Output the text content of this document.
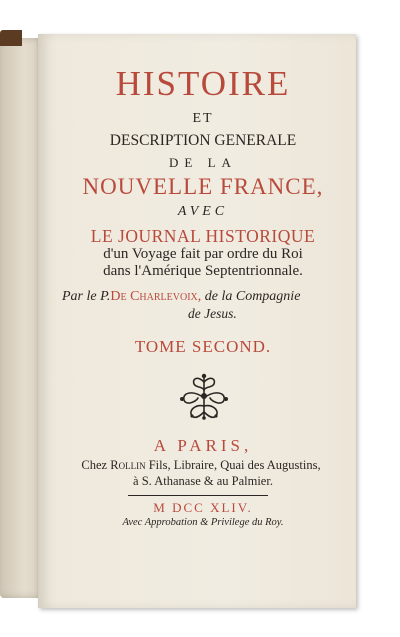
HISTOIRE
ET
DESCRIPTION GENERALE
DE LA
NOUVELLE FRANCE,
AVEC
LE JOURNAL HISTORIQUE
d'un Voyage fait par ordre du Roi
dans l'Amérique Septentrionnale.
Par le P.De Charlevoix, de la Compagnie
de Jesus.
TOME SECOND.
A PARIS,
Chez Rollin Fils, Libraire, Quai des Augustins,
à S. Athanase & au Palmier.
M DCC XLIV.
Avec Approbation & Privilege du Roy.
